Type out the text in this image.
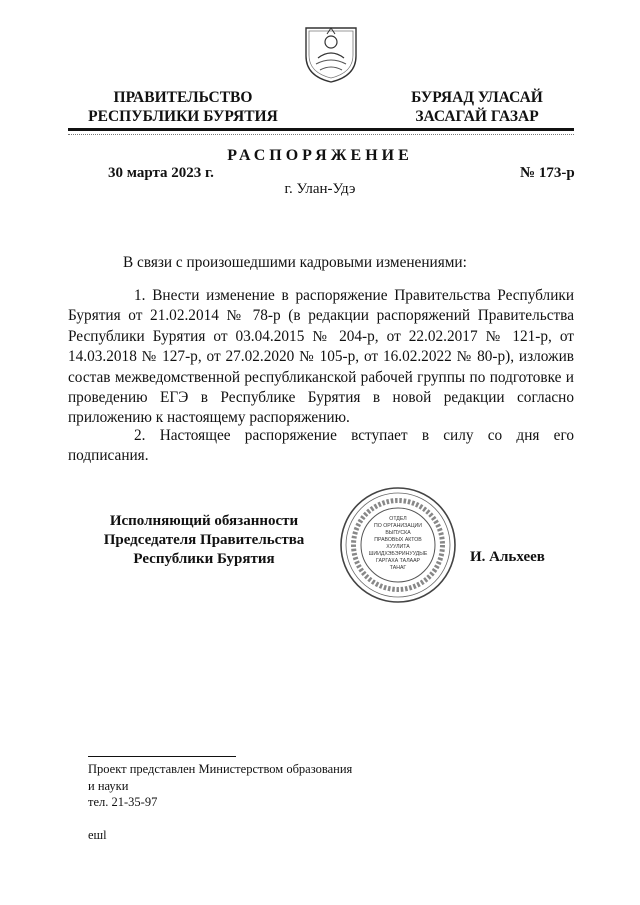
ПРАВИТЕЛЬСТВО
РЕСПУБЛИКИ БУРЯТИЯ
БУРЯАД УЛАСАЙ
ЗАСАГАЙ ГАЗАР
РАСПОРЯЖЕНИЕ
30 марта 2023 г.	№ 173-р
г. Улан-Удэ
В связи с произошедшими кадровыми изменениями:
1. Внести изменение в распоряжение Правительства Республики Бурятия от 21.02.2014 № 78-р (в редакции распоряжений Правительства Республики Бурятия от 03.04.2015 № 204-р, от 22.02.2017 № 121-р, от 14.03.2018 № 127-р, от 27.02.2020 № 105-р, от 16.02.2022 № 80-р), изложив состав межведомственной республиканской рабочей группы по подготовке и проведению ЕГЭ в Республике Бурятия в новой редакции согласно приложению к настоящему распоряжению.
2. Настоящее распоряжение вступает в силу со дня его подписания.
Исполняющий обязанности
Председателя Правительства
Республики Бурятия	И. Альхеев
ОТДЕЛ
ПО ОРГАНИЗАЦИИ
ВЫПУСКА
ПРАВОВЫХ АКТОВ
ХУУЛИТА
ШИИДХЭБЭРИНУУДЫЕ
ГАРГАХА ТАЛААР
ТАНАГ
Проект представлен Министерством образования
и науки
тел. 21-35-97
ешl
